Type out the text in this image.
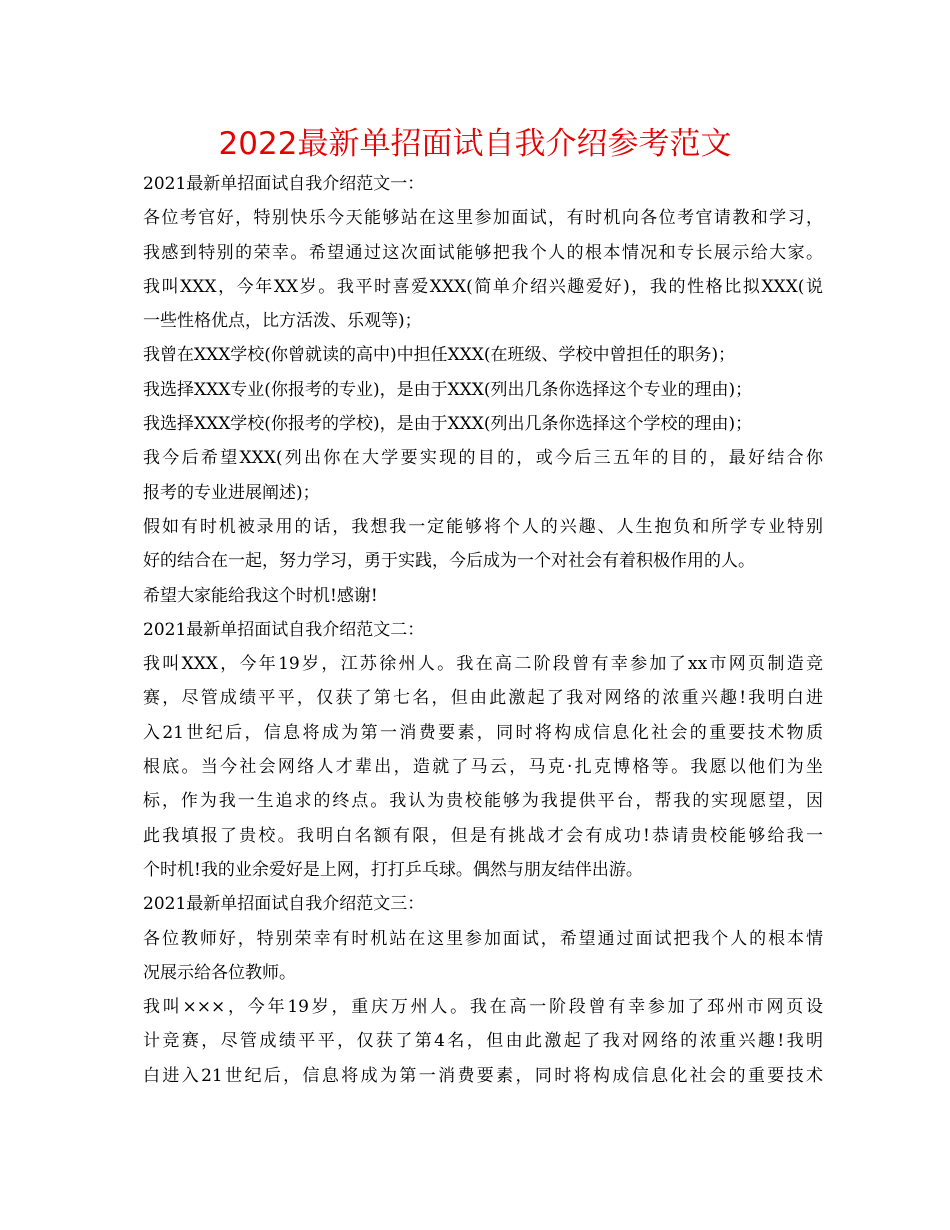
2022最新单招面试自我介绍参考范文
2021最新单招面试自我介绍范文一：
各位考官好，特别快乐今天能够站在这里参加面试，有时机向各位考官请教和学习，
我感到特别的荣幸。希望通过这次面试能够把我个人的根本情况和专长展示给大家。
我叫XXX，今年XX岁。我平时喜爱XXX(简单介绍兴趣爱好)，我的性格比拟XXX(说
一些性格优点，比方活泼、乐观等)；
我曾在XXX学校(你曾就读的高中)中担任XXX(在班级、学校中曾担任的职务)；
我选择XXX专业(你报考的专业)，是由于XXX(列出几条你选择这个专业的理由)；
我选择XXX学校(你报考的学校)，是由于XXX(列出几条你选择这个学校的理由)；
我今后希望XXX(列出你在大学要实现的目的，或今后三五年的目的，最好结合你
报考的专业进展阐述)；
假如有时机被录用的话，我想我一定能够将个人的兴趣、人生抱负和所学专业特别
好的结合在一起，努力学习，勇于实践，今后成为一个对社会有着积极作用的人。
希望大家能给我这个时机!感谢!
2021最新单招面试自我介绍范文二：
我叫XXX，今年19岁，江苏徐州人。我在高二阶段曾有幸参加了xx市网页制造竞
赛，尽管成绩平平，仅获了第七名，但由此激起了我对网络的浓重兴趣!我明白进
入21世纪后，信息将成为第一消费要素，同时将构成信息化社会的重要技术物质
根底。当今社会网络人才辈出，造就了马云，马克·扎克博格等。我愿以他们为坐
标，作为我一生追求的终点。我认为贵校能够为我提供平台，帮我的实现愿望，因
此我填报了贵校。我明白名额有限，但是有挑战才会有成功!恭请贵校能够给我一
个时机!我的业余爱好是上网，打打乒乓球。偶然与朋友结伴出游。
2021最新单招面试自我介绍范文三：
各位教师好，特别荣幸有时机站在这里参加面试，希望通过面试把我个人的根本情
况展示给各位教师。
我叫×××，今年19岁，重庆万州人。我在高一阶段曾有幸参加了邳州市网页设
计竞赛，尽管成绩平平，仅获了第4名，但由此激起了我对网络的浓重兴趣!我明
白进入21世纪后，信息将成为第一消费要素，同时将构成信息化社会的重要技术
